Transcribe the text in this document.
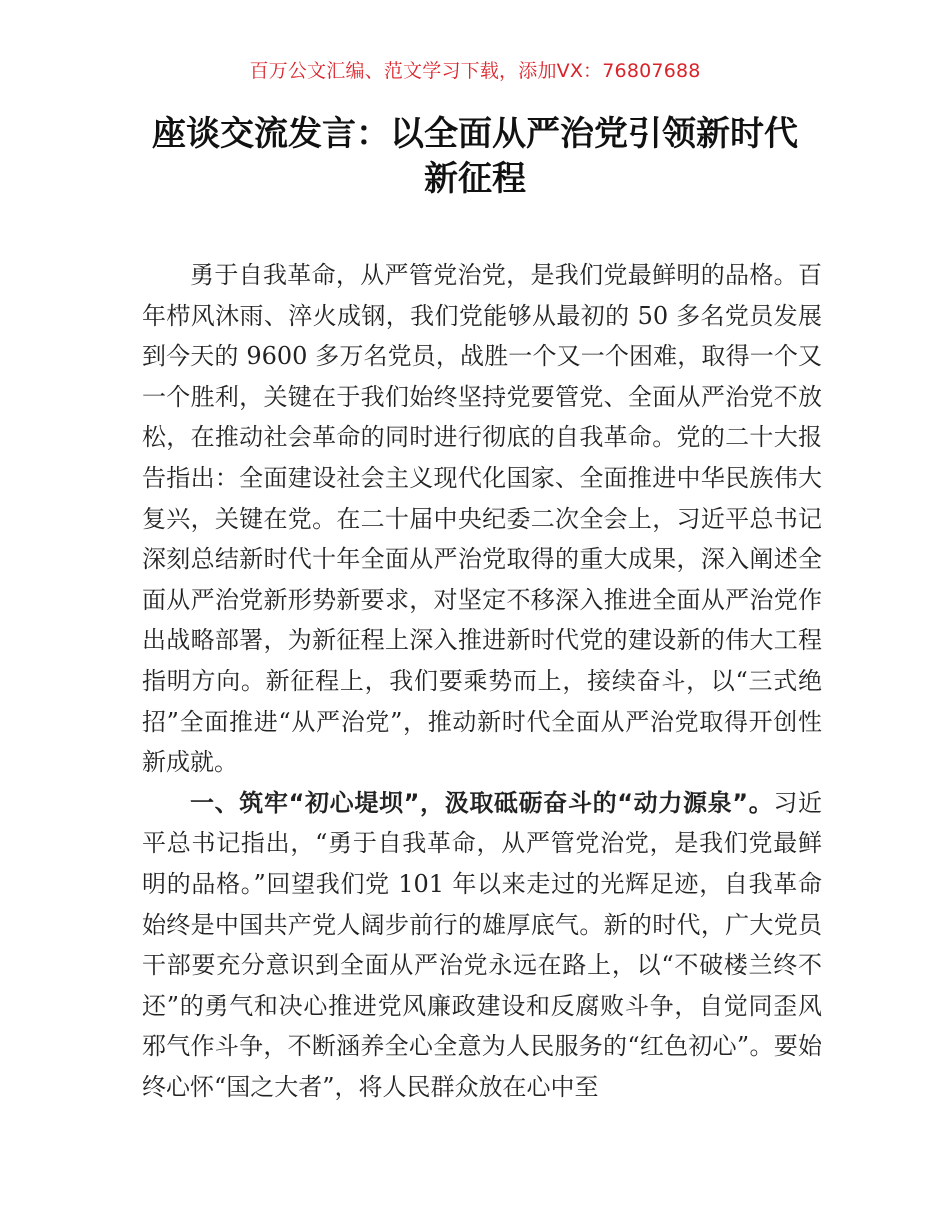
百万公文汇编、范文学习下载，添加VX：76807688
座谈交流发言：以全面从严治党引领新时代
新征程

勇于自我革命，从严管党治党，是我们党最鲜明的品格。百年栉风沐雨、淬火成钢，我们党能够从最初的 50 多名党员发展到今天的 9600 多万名党员，战胜一个又一个困难，取得一个又一个胜利，关键在于我们始终坚持党要管党、全面从严治党不放松，在推动社会革命的同时进行彻底的自我革命。党的二十大报告指出：全面建设社会主义现代化国家、全面推进中华民族伟大复兴，关键在党。在二十届中央纪委二次全会上，习近平总书记深刻总结新时代十年全面从严治党取得的重大成果，深入阐述全面从严治党新形势新要求，对坚定不移深入推进全面从严治党作出战略部署，为新征程上深入推进新时代党的建设新的伟大工程指明方向。新征程上，我们要乘势而上，接续奋斗，以“三式绝招”全面推进“从严治党”，推动新时代全面从严治党取得开创性新成就。

一、筑牢“初心堤坝”，汲取砥砺奋斗的“动力源泉”。习近平总书记指出，“勇于自我革命，从严管党治党，是我们党最鲜明的品格。”回望我们党 101 年以来走过的光辉足迹，自我革命始终是中国共产党人阔步前行的雄厚底气。新的时代，广大党员干部要充分意识到全面从严治党永远在路上，以“不破楼兰终不还”的勇气和决心推进党风廉政建设和反腐败斗争，自觉同歪风邪气作斗争，不断涵养全心全意为人民服务的“红色初心”。要始终心怀“国之大者”，将人民群众放在心中至
